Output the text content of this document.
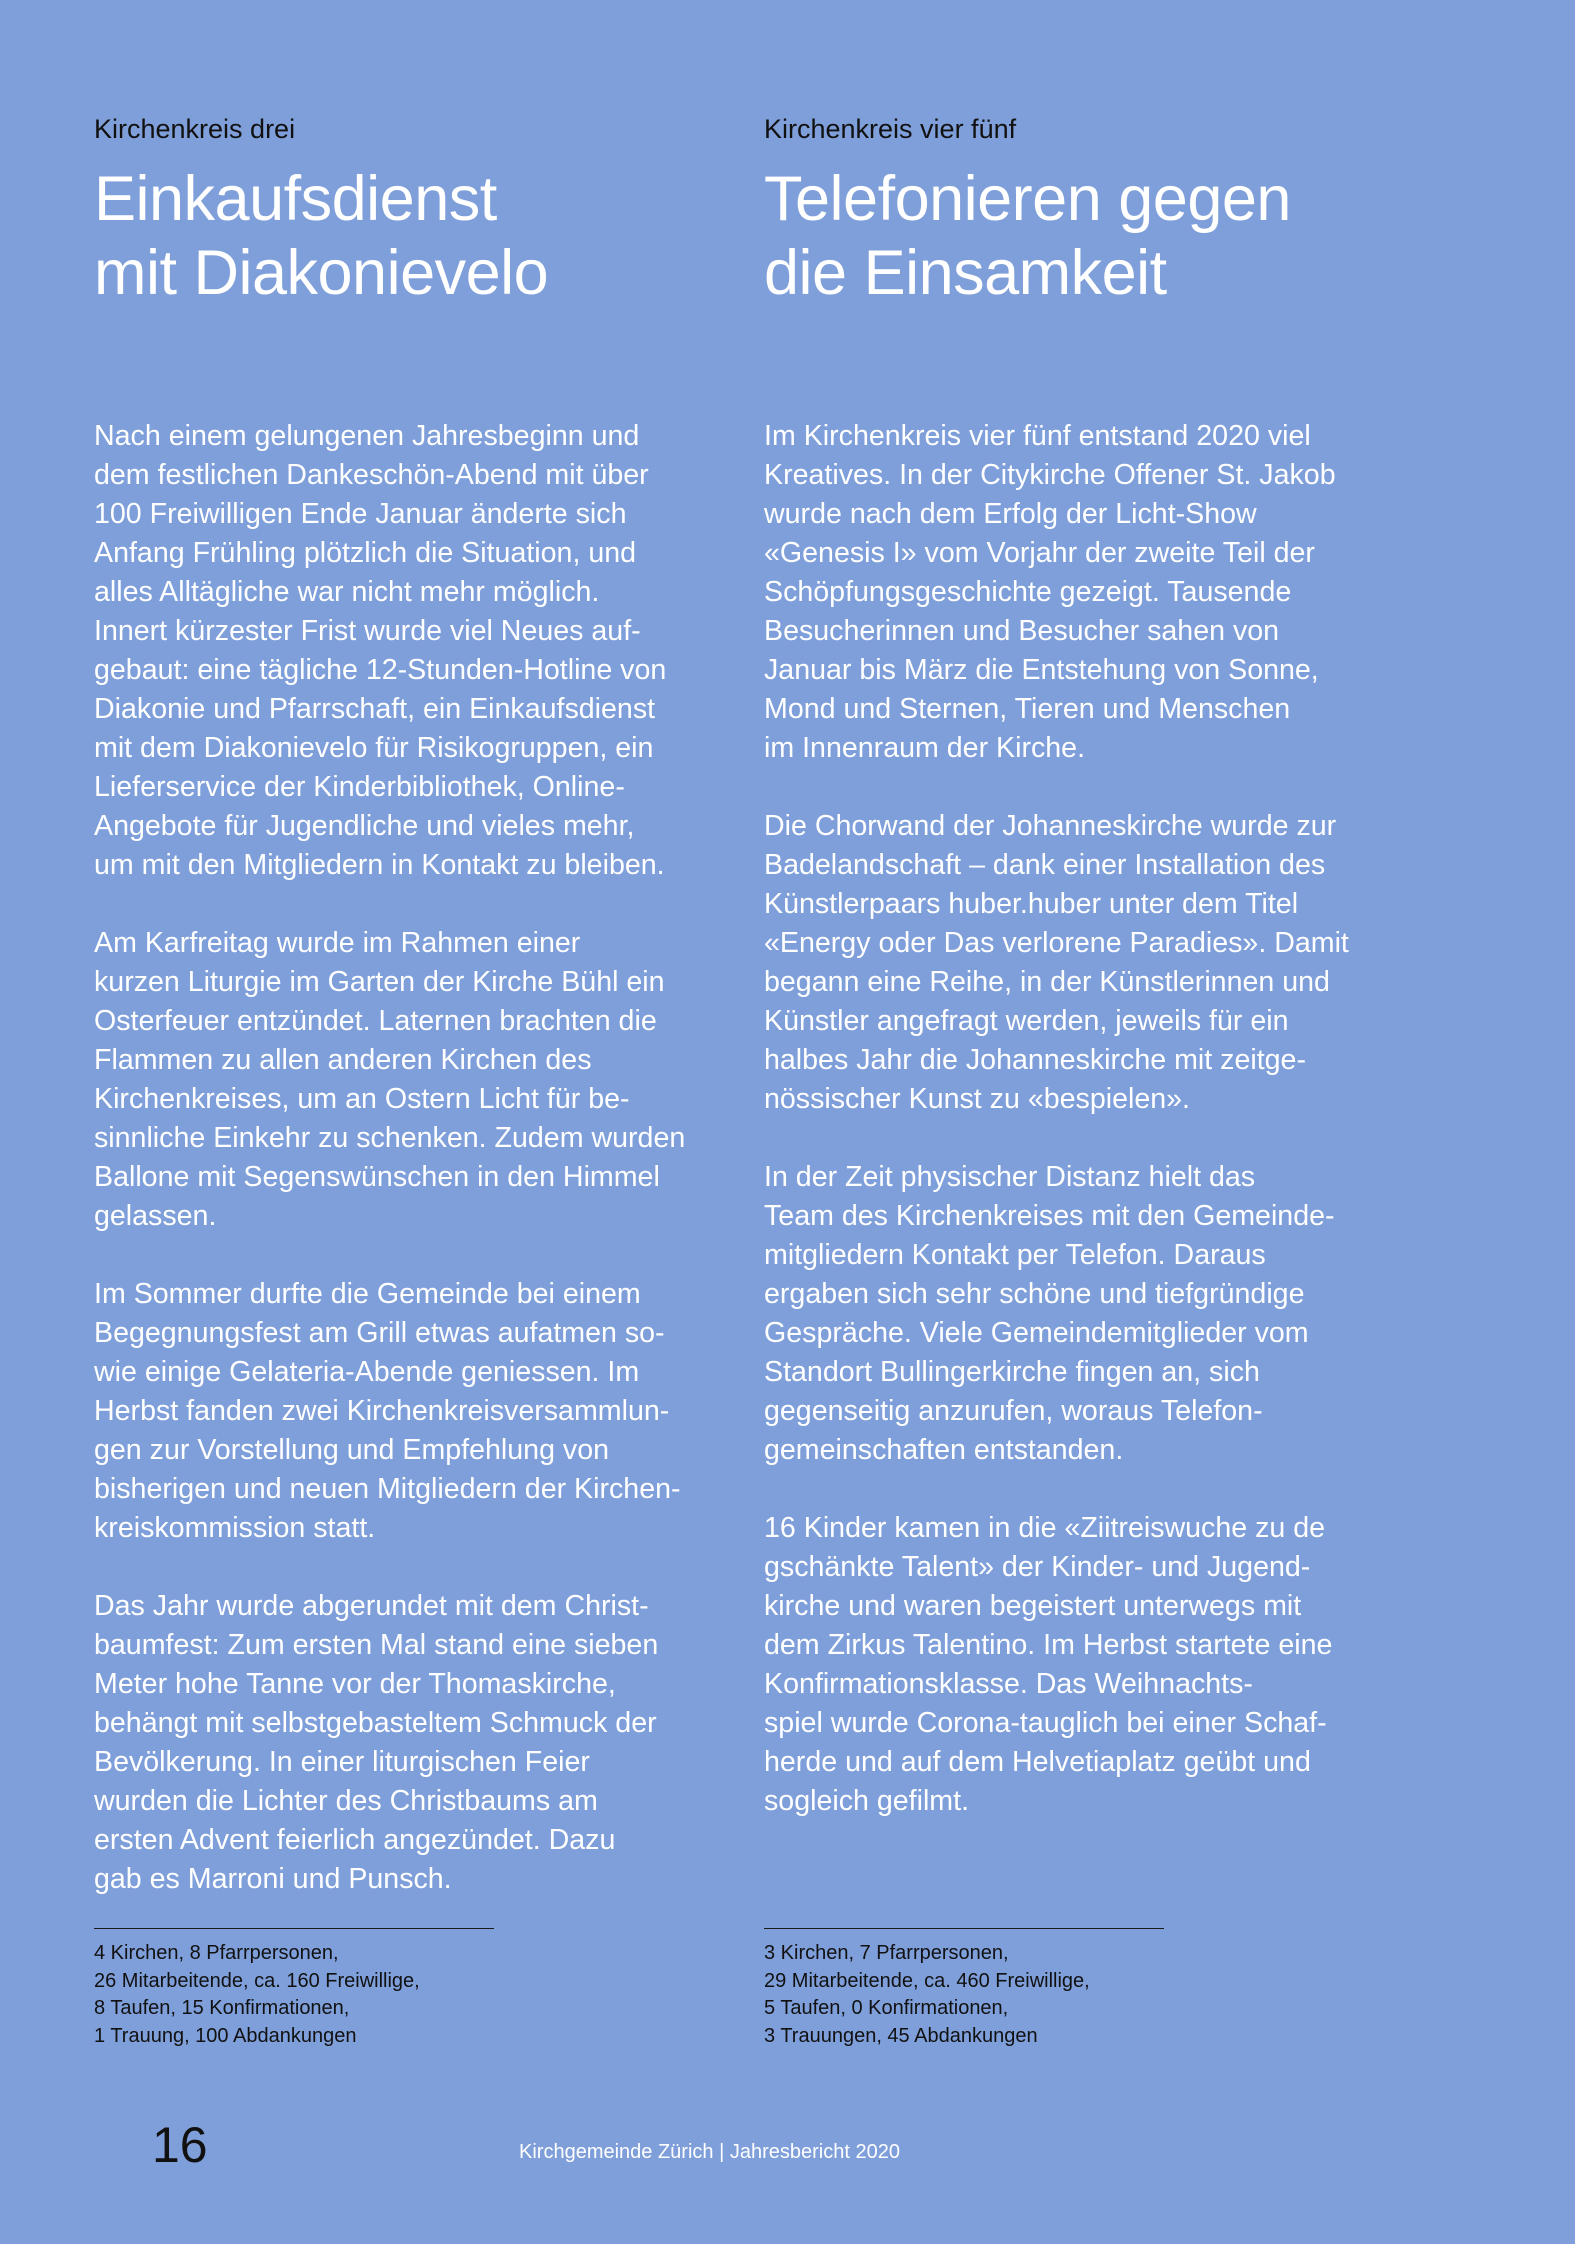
Kirchenkreis drei

Einkaufsdienst
mit Diakonievelo

Nach einem gelungenen Jahresbeginn und
dem festlichen Dankeschön-Abend mit über
100 Freiwilligen Ende Januar änderte sich
Anfang Frühling plötzlich die Situation, und
alles Alltägliche war nicht mehr möglich.
Innert kürzester Frist wurde viel Neues auf-
gebaut: eine tägliche 12-Stunden-Hotline von
Diakonie und Pfarrschaft, ein Einkaufsdienst
mit dem Diakonievelo für Risikogruppen, ein
Lieferservice der Kinderbibliothek, Online-
Angebote für Jugendliche und vieles mehr,
um mit den Mitgliedern in Kontakt zu bleiben.

Am Karfreitag wurde im Rahmen einer
kurzen Liturgie im Garten der Kirche Bühl ein
Osterfeuer entzündet. Laternen brachten die
Flammen zu allen anderen Kirchen des
Kirchenkreises, um an Ostern Licht für be-
sinnliche Einkehr zu schenken. Zudem wurden
Ballone mit Segenswünschen in den Himmel
gelassen.

Im Sommer durfte die Gemeinde bei einem
Begegnungsfest am Grill etwas aufatmen so-
wie einige Gelateria-Abende geniessen. Im
Herbst fanden zwei Kirchenkreisversammlun-
gen zur Vorstellung und Empfehlung von
bisherigen und neuen Mitgliedern der Kirchen-
kreiskommission statt.

Das Jahr wurde abgerundet mit dem Christ-
baumfest: Zum ersten Mal stand eine sieben
Meter hohe Tanne vor der Thomaskirche,
behängt mit selbstgebasteltem Schmuck der
Bevölkerung. In einer liturgischen Feier
wurden die Lichter des Christbaums am
ersten Advent feierlich angezündet. Dazu
gab es Marroni und Punsch.

Kirchenkreis vier fünf

Telefonieren gegen
die Einsamkeit

Im Kirchenkreis vier fünf entstand 2020 viel
Kreatives. In der Citykirche Offener St. Jakob
wurde nach dem Erfolg der Licht-Show
«Genesis I» vom Vorjahr der zweite Teil der
Schöpfungsgeschichte gezeigt. Tausende
Besucherinnen und Besucher sahen von
Januar bis März die Entstehung von Sonne,
Mond und Sternen, Tieren und Menschen
im Innenraum der Kirche.

Die Chorwand der Johanneskirche wurde zur
Badelandschaft – dank einer Installation des
Künstlerpaars huber.huber unter dem Titel
«Energy oder Das verlorene Paradies». Damit
begann eine Reihe, in der Künstlerinnen und
Künstler angefragt werden, jeweils für ein
halbes Jahr die Johanneskirche mit zeitge-
nössischer Kunst zu «bespielen».

In der Zeit physischer Distanz hielt das
Team des Kirchenkreises mit den Gemeinde-
mitgliedern Kontakt per Telefon. Daraus
ergaben sich sehr schöne und tiefgründige
Gespräche. Viele Gemeindemitglieder vom
Standort Bullingerkirche fingen an, sich
gegenseitig anzurufen, woraus Telefon-
gemeinschaften entstanden.

16 Kinder kamen in die «Ziitreiswuche zu de
gschänkte Talent» der Kinder- und Jugend-
kirche und waren begeistert unterwegs mit
dem Zirkus Talentino. Im Herbst startete eine
Konfirmationsklasse. Das Weihnachts-
spiel wurde Corona-tauglich bei einer Schaf-
herde und auf dem Helvetiaplatz geübt und
sogleich gefilmt.

4 Kirchen, 8 Pfarrpersonen,
26 Mitarbeitende, ca. 160 Freiwillige,
8 Taufen, 15 Konfirmationen,
1 Trauung, 100 Abdankungen
3 Kirchen, 7 Pfarrpersonen,
29 Mitarbeitende, ca. 460 Freiwillige,
5 Taufen, 0 Konfirmationen,
3 Trauungen, 45 Abdankungen
16	Kirchgemeinde Zürich | Jahresbericht 2020
